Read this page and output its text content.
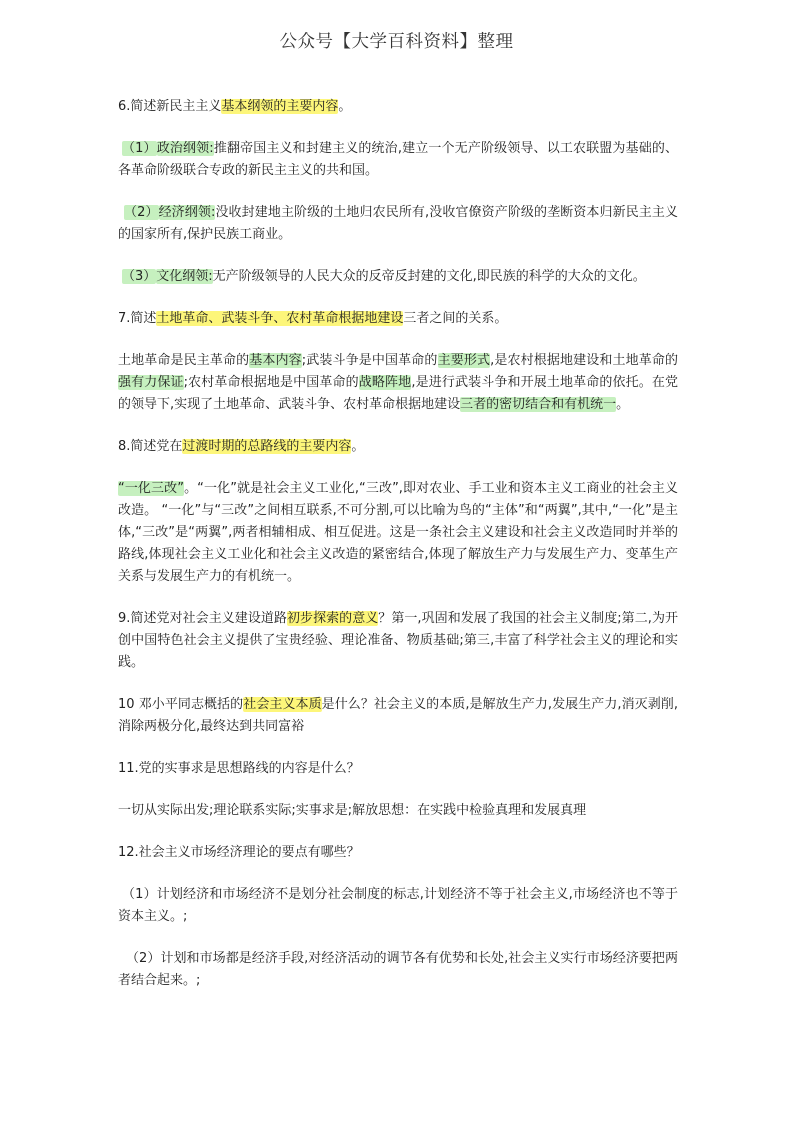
公众号【大学百科资料】整理

6.简述新民主主义基本纲领的主要内容。

（1）政治纲领:推翻帝国主义和封建主义的统治,建立一个无产阶级领导、以工农联盟为基础的、各革命阶级联合专政的新民主主义的共和国。

（2）经济纲领:没收封建地主阶级的土地归农民所有,没收官僚资产阶级的垄断资本归新民主主义的国家所有,保护民族工商业。

（3）文化纲领:无产阶级领导的人民大众的反帝反封建的文化,即民族的科学的大众的文化。

7.简述土地革命、武装斗争、农村革命根据地建设三者之间的关系。

土地革命是民主革命的基本内容;武装斗争是中国革命的主要形式,是农村根据地建设和土地革命的强有力保证;农村革命根据地是中国革命的战略阵地,是进行武装斗争和开展土地革命的依托。在党的领导下,实现了土地革命、武装斗争、农村革命根据地建设三者的密切结合和有机统一。

8.简述党在过渡时期的总路线的主要内容。

“一化三改”。“一化”就是社会主义工业化,“三改”,即对农业、手工业和资本主义工商业的社会主义改造。 “一化”与“三改”之间相互联系,不可分割,可以比喻为鸟的“主体”和“两翼”,其中,“一化”是主体,“三改”是“两翼”,两者相辅相成、相互促进。这是一条社会主义建设和社会主义改造同时并举的路线,体现社会主义工业化和社会主义改造的紧密结合,体现了解放生产力与发展生产力、变革生产关系与发展生产力的有机统一。

9.简述党对社会主义建设道路初步探索的意义？第一,巩固和发展了我国的社会主义制度;第二,为开创中国特色社会主义提供了宝贵经验、理论准备、物质基础;第三,丰富了科学社会主义的理论和实践。

10 邓小平同志概括的社会主义本质是什么？社会主义的本质,是解放生产力,发展生产力,消灭剥削,消除两极分化,最终达到共同富裕

11.党的实事求是思想路线的内容是什么？

一切从实际出发;理论联系实际;实事求是;解放思想：在实践中检验真理和发展真理

12.社会主义市场经济理论的要点有哪些？

（1）计划经济和市场经济不是划分社会制度的标志,计划经济不等于社会主义,市场经济也不等于资本主义。;

（2）计划和市场都是经济手段,对经济活动的调节各有优势和长处,社会主义实行市场经济要把两者结合起来。;
